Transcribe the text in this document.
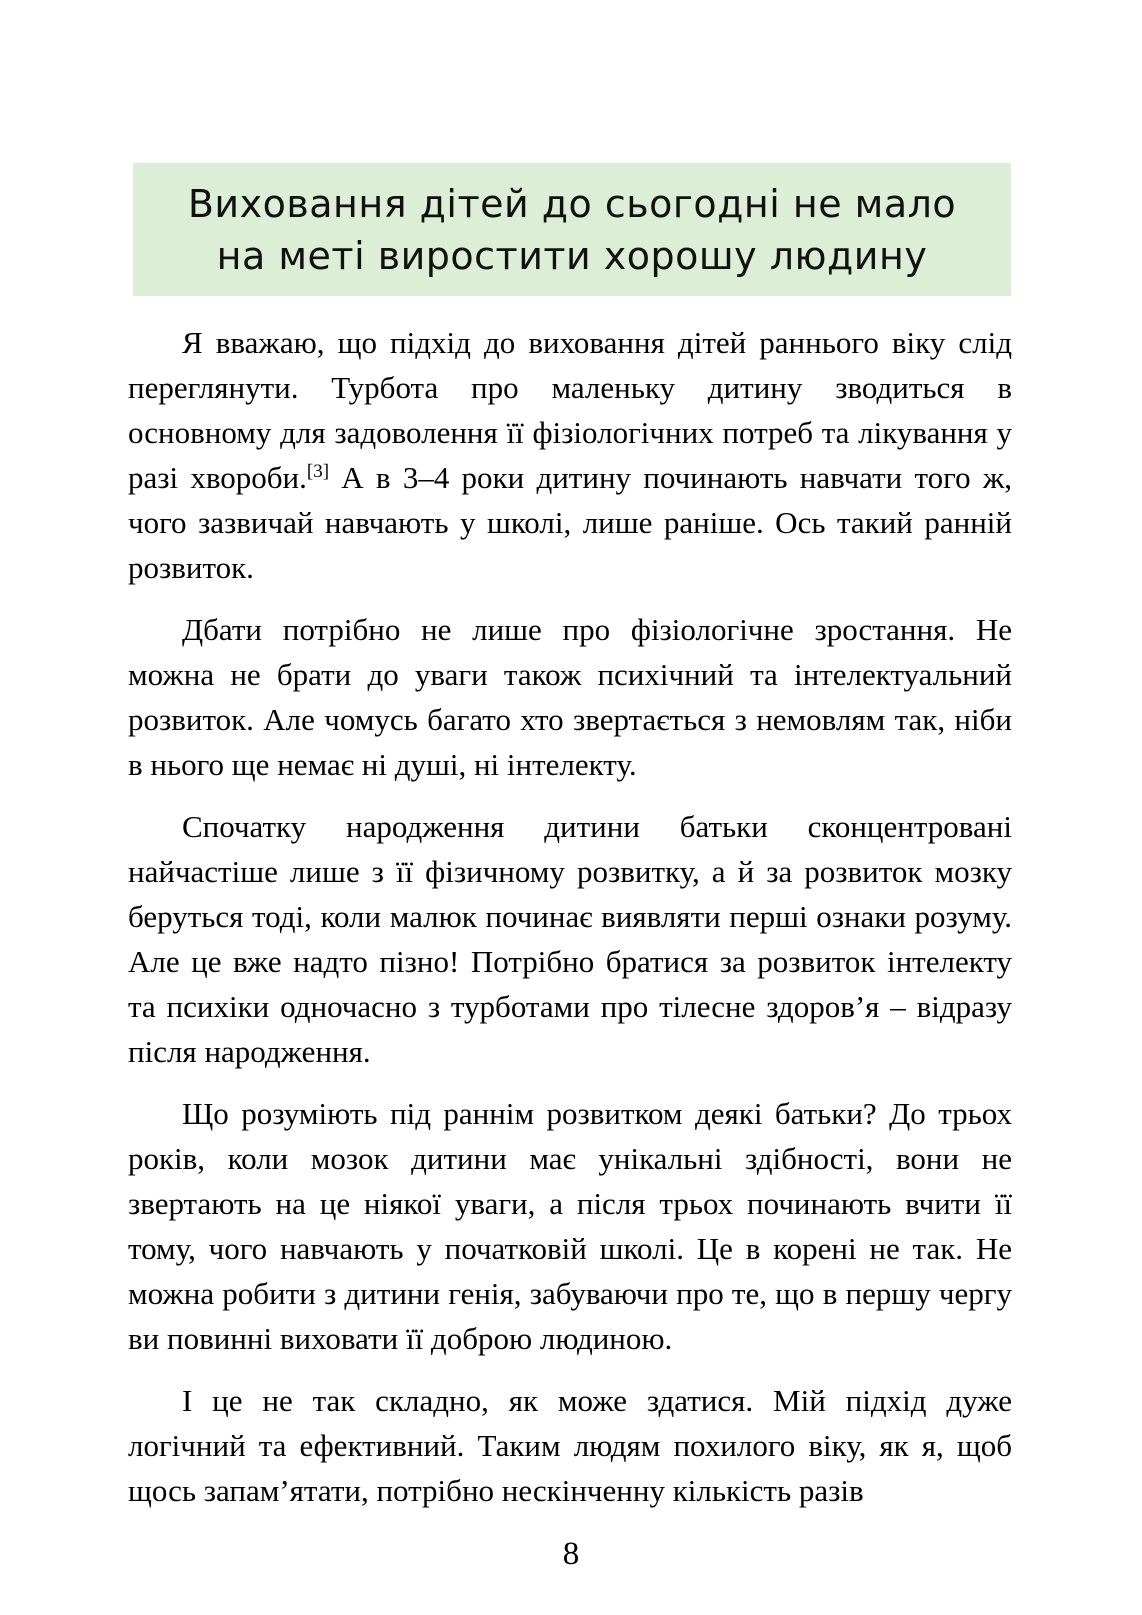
Виховання дітей до сьогодні не мало
на меті виростити хорошу людину

Я вважаю, що підхід до виховання дітей раннього віку слід переглянути. Турбота про маленьку дитину зводиться в основному для задоволення її фізіологічних потреб та лікування у разі хвороби.[3] А в 3–4 роки дитину починають навчати того ж, чого зазвичай навчають у школі, лише раніше. Ось такий ранній розвиток.

Дбати потрібно не лише про фізіологічне зростання. Не можна не брати до уваги також психічний та інтелектуальний розвиток. Але чомусь багато хто звертається з немовлям так, ніби в нього ще немає ні душі, ні інтелекту.

Спочатку народження дитини батьки сконцентровані найчастіше лише з її фізичному розвитку, а й за розвиток мозку беруться тоді, коли малюк починає виявляти перші ознаки розуму. Але це вже надто пізно! Потрібно братися за розвиток інтелекту та психіки одночасно з турботами про тілесне здоров’я – відразу після народження.

Що розуміють під раннім розвитком деякі батьки? До трьох років, коли мозок дитини має унікальні здібності, вони не звертають на це ніякої уваги, а після трьох починають вчити її тому, чого навчають у початковій школі. Це в корені не так. Не можна робити з дитини генія, забуваючи про те, що в першу чергу ви повинні виховати її доброю людиною.

І це не так складно, як може здатися. Мій підхід дуже логічний та ефективний. Таким людям похилого віку, як я, щоб щось запам’ятати, потрібно нескінченну кількість разів

8
